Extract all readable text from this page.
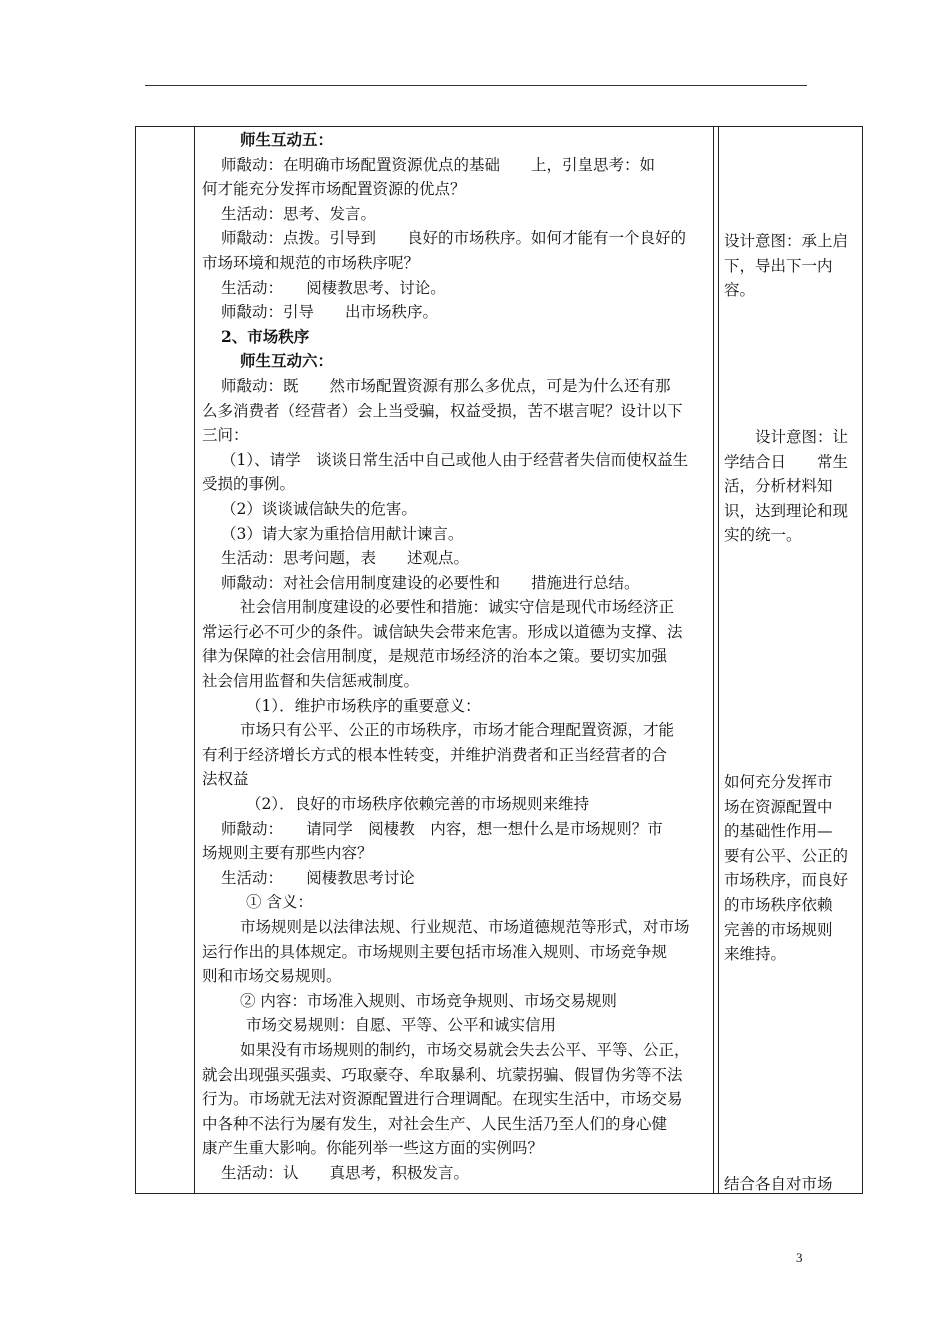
师生互动五：

师敽动：在明确市场配置资源优点的基础　　上，引皇思考：如

何才能充分发挥市场配置资源的优点？

生活动：思考、发言。

师敽动：点拨。引导到　　良好的市场秩序。如何才能有一个良好的

市场环境和规范的市场秩序呢？

生活动：　　阅棲教思考、讨论。

师敽动：引导　　出市场秩序。

2、市场秩序

师生互动六：

师敽动：既　　然市场配置资源有那么多优点，可是为什么还有那

么多消费者（经营者）会上当受骗，权益受损，苦不堪言呢？设计以下

三问：

（1）、请学　谈谈日常生活中自己或他人由于经营者失信而使权益生

受损的事例。

（2）谈谈诚信缺失的危害。

（3）请大家为重拾信用献计谏言。

生活动：思考问题，表　　述观点。

师敽动：对社会信用制度建设的必要性和　　措施进行总结。

社会信用制度建设的必要性和措施：诚实守信是现代市场经济正

常运行必不可少的条件。诚信缺失会带来危害。形成以道德为支撑、法

律为保障的社会信用制度，是规范市场经济的治本之策。要切实加强

社会信用监督和失信惩戒制度。

（1）．维护市场秩序的重要意义：

市场只有公平、公正的市场秩序，市场才能合理配置资源，才能

有利于经济增长方式的根本性转变，并维护消费者和正当经营者的合

法权益

（2）．良好的市场秩序依赖完善的市场规则来维持

师敽动：　　请同学　阅棲教　内容，想一想什么是市场规则？市

场规则主要有那些内容？

生活动：　　阅棲教思考讨论

① 含义：

市场规则是以法律法规、行业规范、市场道德规范等形式，对市场

运行作出的具体规定。市场规则主要包括市场准入规则、市场竞争规

则和市场交易规则。

② 内容：市场准入规则、市场竞争规则、市场交易规则

市场交易规则：自愿、平等、公平和诚实信用

如果没有市场规则的制约，市场交易就会失去公平、平等、公正，

就会出现强买强卖、巧取豪夺、牟取暴利、坑蒙拐骗、假冒伪劣等不法

行为。市场就无法对资源配置进行合理调配。在现实生活中，市场交易

中各种不法行为屡有发生，对社会生产、人民生活乃至人们的身心健

康产生重大影响。你能列举一些这方面的实例吗？

生活动：认　　真思考，积极发言。

设计意图：承上启

下，导出下一内

容。

　　设计意图：让

学结合日　　常生

活，分析材料知

识，达到理论和现

实的统一。

如何充分发挥市

场在资源配置中

的基础性作用—

要有公平、公正的

市场秩序，而良好

的市场秩序依赖

完善的市场规则

来维持。

结合各自对市场

3
